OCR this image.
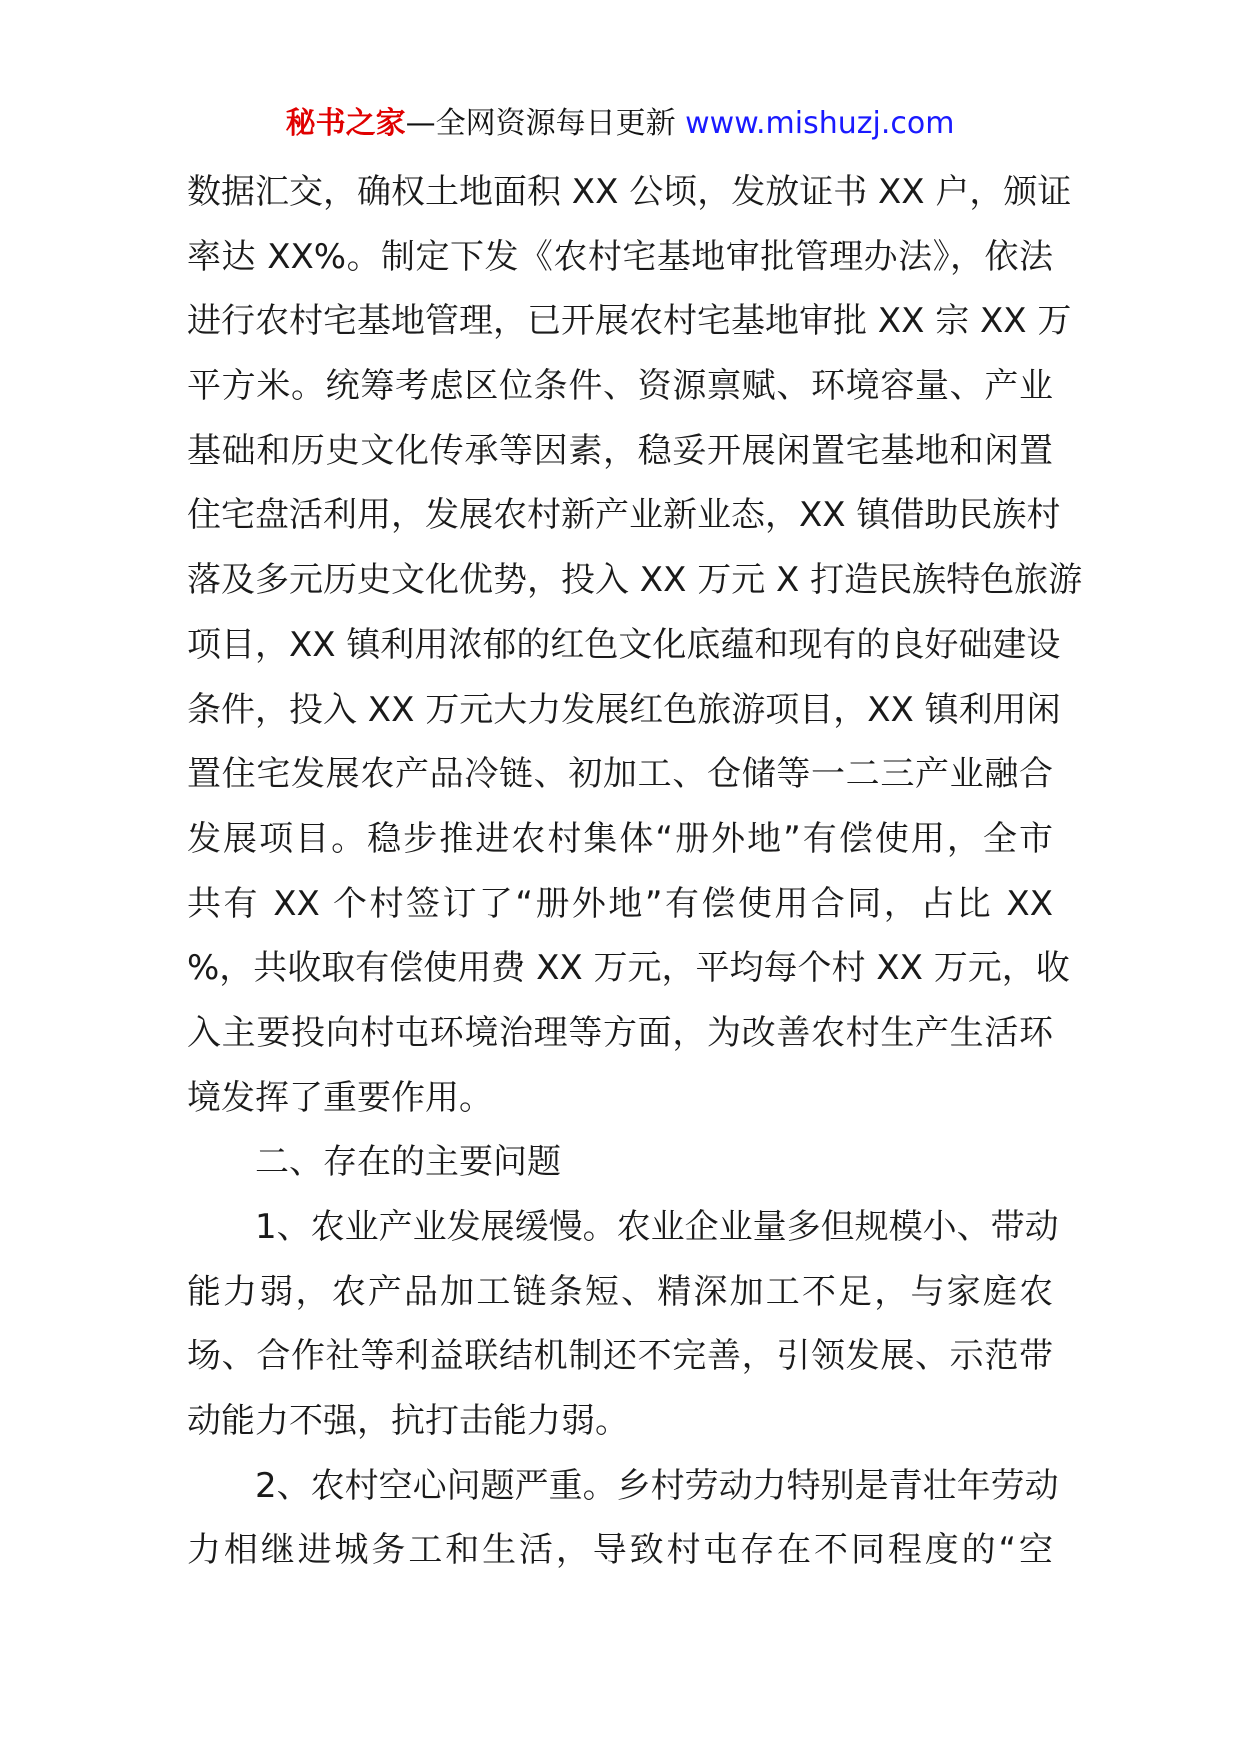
秘书之家—全网资源每日更新 www.mishuzj.com
数据汇交，确权土地面积 XX 公顷，发放证书 XX 户，颁证
率达 XX%。制定下发《农村宅基地审批管理办法》，依法
进行农村宅基地管理，已开展农村宅基地审批 XX 宗 XX 万
平方米。统筹考虑区位条件、资源禀赋、环境容量、产业
基础和历史文化传承等因素，稳妥开展闲置宅基地和闲置
住宅盘活利用，发展农村新产业新业态，XX 镇借助民族村
落及多元历史文化优势，投入 XX 万元 X 打造民族特色旅游
项目，XX 镇利用浓郁的红色文化底蕴和现有的良好础建设
条件，投入 XX 万元大力发展红色旅游项目，XX 镇利用闲
置住宅发展农产品冷链、初加工、仓储等一二三产业融合
发展项目。稳步推进农村集体“册外地”有偿使用，全市
共有 XX 个村签订了“册外地”有偿使用合同，占比 XX
%，共收取有偿使用费 XX 万元，平均每个村 XX 万元，收
入主要投向村屯环境治理等方面，为改善农村生产生活环
境发挥了重要作用。
二、存在的主要问题
1、农业产业发展缓慢。农业企业量多但规模小、带动
能力弱，农产品加工链条短、精深加工不足，与家庭农
场、合作社等利益联结机制还不完善，引领发展、示范带
动能力不强，抗打击能力弱。
2、农村空心问题严重。乡村劳动力特别是青壮年劳动
力相继进城务工和生活，导致村屯存在不同程度的“空
